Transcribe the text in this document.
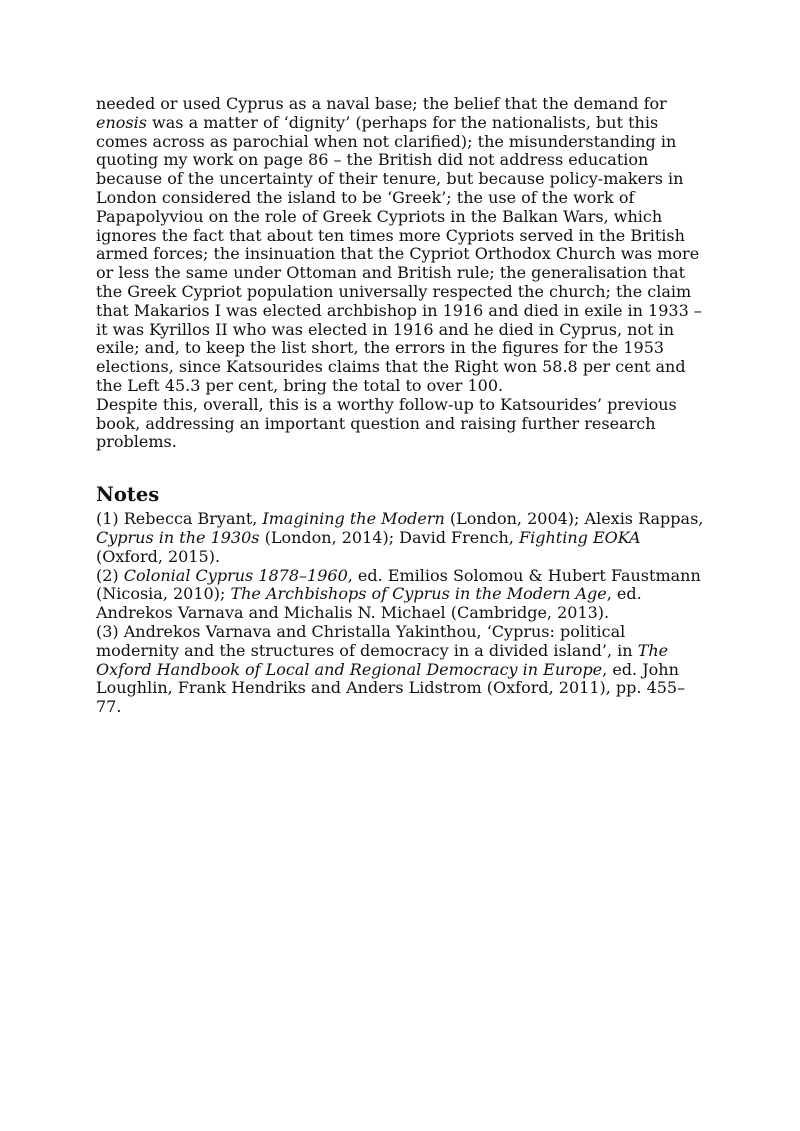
needed or used Cyprus as a naval base; the belief that the demand for enosis was a matter of ‘dignity’ (perhaps for the nationalists, but this comes across as parochial when not clarified); the misunderstanding in quoting my work on page 86 – the British did not address education because of the uncertainty of their tenure, but because policy-makers in London considered the island to be ‘Greek’; the use of the work of Papapolyviou on the role of Greek Cypriots in the Balkan Wars, which ignores the fact that about ten times more Cypriots served in the British armed forces; the insinuation that the Cypriot Orthodox Church was more or less the same under Ottoman and British rule; the generalisation that the Greek Cypriot population universally respected the church; the claim that Makarios I was elected archbishop in 1916 and died in exile in 1933 – it was Kyrillos II who was elected in 1916 and he died in Cyprus, not in exile; and, to keep the list short, the errors in the figures for the 1953 elections, since Katsourides claims that the Right won 58.8 per cent and the Left 45.3 per cent, bring the total to over 100.

Despite this, overall, this is a worthy follow-up to Katsourides’ previous book, addressing an important question and raising further research problems.

Notes

(1) Rebecca Bryant, Imagining the Modern (London, 2004); Alexis Rappas, Cyprus in the 1930s (London, 2014); David French, Fighting EOKA (Oxford, 2015).

(2) Colonial Cyprus 1878–1960, ed. Emilios Solomou & Hubert Faustmann (Nicosia, 2010); The Archbishops of Cyprus in the Modern Age, ed. Andrekos Varnava and Michalis N. Michael (Cambridge, 2013).

(3) Andrekos Varnava and Christalla Yakinthou, ‘Cyprus: political modernity and the structures of democracy in a divided island’, in The Oxford Handbook of Local and Regional Democracy in Europe, ed. John Loughlin, Frank Hendriks and Anders Lidstrom (Oxford, 2011), pp. 455–77.
